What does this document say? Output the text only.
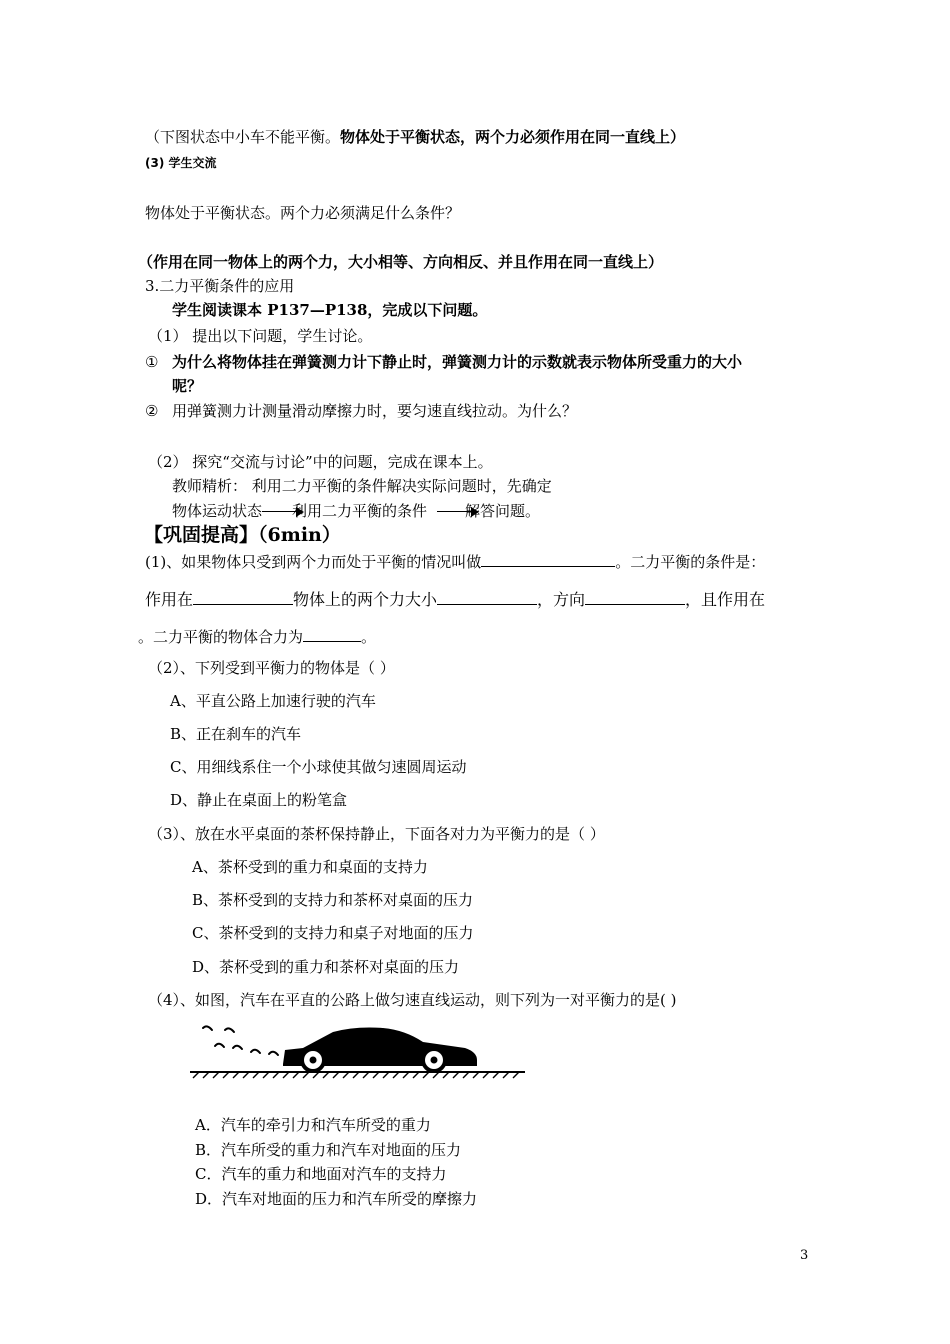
（下图状态中小车不能平衡。物体处于平衡状态，两个力必须作用在同一直线上）
(3) 学生交流
物体处于平衡状态。两个力必须满足什么条件？
（作用在同一物体上的两个力，大小相等、方向相反、并且作用在同一直线上）
3.二力平衡条件的应用
学生阅读课本 P137—P138，完成以下问题。
（1） 提出以下问题，学生讨论。
① 为什么将物体挂在弹簧测力计下静止时，弹簧测力计的示数就表示物体所受重力的大小
呢？
② 用弹簧测力计测量滑动摩擦力时，要匀速直线拉动。为什么？
（2） 探究“交流与讨论”中的问题，完成在课本上。
教师精析： 利用二力平衡的条件解决实际问题时，先确定
物体运动状态 利用二力平衡的条件	解答问题。
【巩固提高】（6min）
(1)、如果物体只受到两个力而处于平衡的情况叫做	。二力平衡的条件是：
作用在	物体上的两个力大小	，方向	，且作用在
。二力平衡的物体合力为	。
（2）、下列受到平衡力的物体是（ ）
A、平直公路上加速行驶的汽车
B、正在刹车的汽车
C、用细线系住一个小球使其做匀速圆周运动
D、静止在桌面上的粉笔盒
（3）、放在水平桌面的茶杯保持静止，下面各对力为平衡力的是（ ）
A、茶杯受到的重力和桌面的支持力
B、茶杯受到的支持力和茶杯对桌面的压力
C、茶杯受到的支持力和桌子对地面的压力
D、茶杯受到的重力和茶杯对桌面的压力
（4）、如图，汽车在平直的公路上做匀速直线运动，则下列为一对平衡力的是( )
A．汽车的牵引力和汽车所受的重力
B．汽车所受的重力和汽车对地面的压力
C．汽车的重力和地面对汽车的支持力
D．汽车对地面的压力和汽车所受的摩擦力
3
